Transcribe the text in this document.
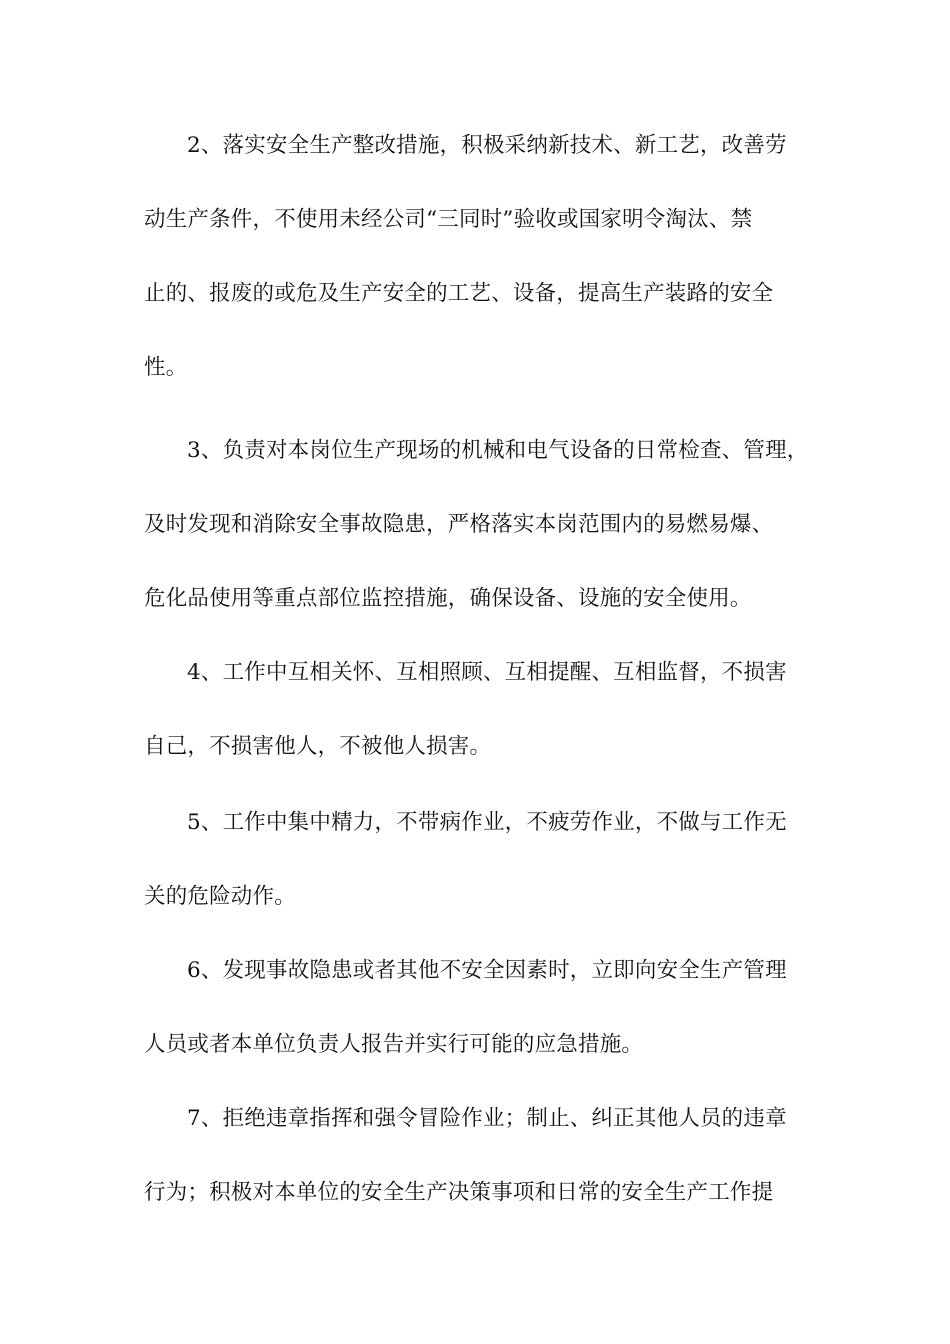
2、落实安全生产整改措施，积极采纳新技术、新工艺，改善劳
动生产条件，不使用未经公司“三同时”验收或国家明令淘汰、禁
止的、报废的或危及生产安全的工艺、设备，提高生产装路的安全
性。
3、负责对本岗位生产现场的机械和电气设备的日常检查、管理，
及时发现和消除安全事故隐患，严格落实本岗范围内的易燃易爆、
危化品使用等重点部位监控措施，确保设备、设施的安全使用。
4、工作中互相关怀、互相照顾、互相提醒、互相监督，不损害
自己，不损害他人，不被他人损害。
5、工作中集中精力，不带病作业，不疲劳作业，不做与工作无
关的危险动作。
6、发现事故隐患或者其他不安全因素时，立即向安全生产管理
人员或者本单位负责人报告并实行可能的应急措施。
7、拒绝违章指挥和强令冒险作业；制止、纠正其他人员的违章
行为；积极对本单位的安全生产决策事项和日常的安全生产工作提
